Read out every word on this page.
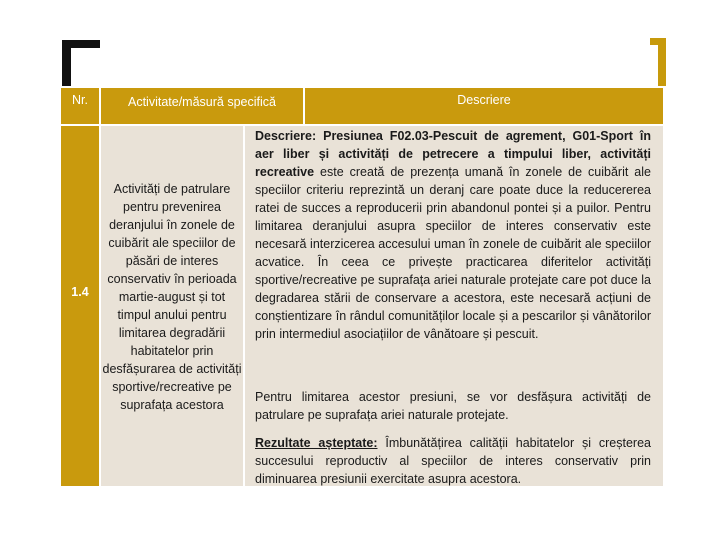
Nr.	Activitate/măsură specifică	Descriere
1.4
Activități de patrulare pentru prevenirea deranjului în zonele de cuibărit ale speciilor de păsări de interes conservativ în perioada martie-august și tot timpul anului pentru limitarea degradării habitatelor prin desfășurarea de activități sportive/recreative pe suprafața acestora
Descriere: Presiunea F02.03-Pescuit de agrement, G01-Sport în aer liber și activități de petrecere a timpului liber, activități recreative este creată de prezența umană în zonele de cuibărit ale speciilor criteriu reprezintă un deranj care poate duce la reducererea ratei de succes a reproducerii prin abandonul pontei și a puilor. Pentru limitarea deranjului asupra speciilor de interes conservativ este necesară interzicerea accesului uman în zonele de cuibărit ale speciilor acvatice. În ceea ce privește practicarea diferitelor activități sportive/recreative pe suprafața ariei naturale protejate care pot duce la degradarea stării de conservare a acestora, este necesară acțiuni de conștientizare în rândul comunităților locale și a pescarilor și vânătorilor prin intermediul asociațiilor de vânătoare și pescuit.
Pentru limitarea acestor presiuni, se vor desfășura activități de patrulare pe suprafața ariei naturale protejate.
Rezultate așteptate: Îmbunătățirea calității habitatelor și creșterea succesului reproductiv al speciilor de interes conservativ prin diminuarea presiunii exercitate asupra acestora.
